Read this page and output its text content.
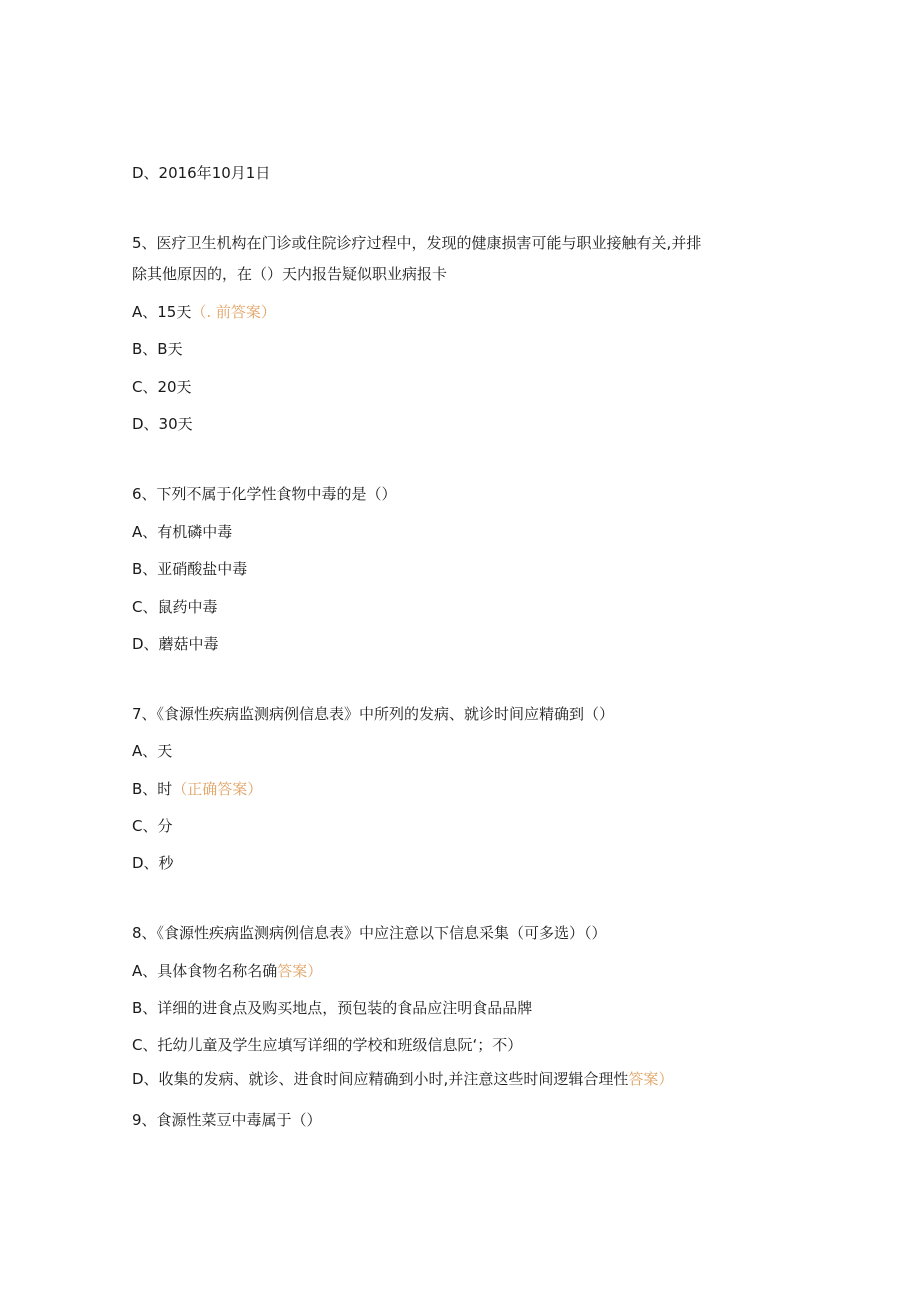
D、2016年10月1日
5、医疗卫生机构在门诊或住院诊疗过程中，发现的健康损害可能与职业接触有关,并排
除其他原因的，在（）天内报告疑似职业病报卡
A、15天（. 前答案）
B、B天
C、20天
D、30天
6、下列不属于化学性食物中毒的是（）
A、有机磷中毒
B、亚硝酸盐中毒
C、鼠药中毒
D、蘑菇中毒
7、《食源性疾病监测病例信息表》中所列的发病、就诊时间应精确到（）
A、天
B、时（正确答案）
C、分
D、秒
8、《食源性疾病监测病例信息表》中应注意以下信息采集（可多选）（）
A、具体食物名称名确答案）
B、详细的进食点及购买地点，预包装的食品应注明食品品牌
C、托幼儿童及学生应填写详细的学校和班级信息阮‘；不）
D、收集的发病、就诊、进食时间应精确到小时,并注意这些时间逻辑合理性答案）
9、食源性菜豆中毒属于（）
